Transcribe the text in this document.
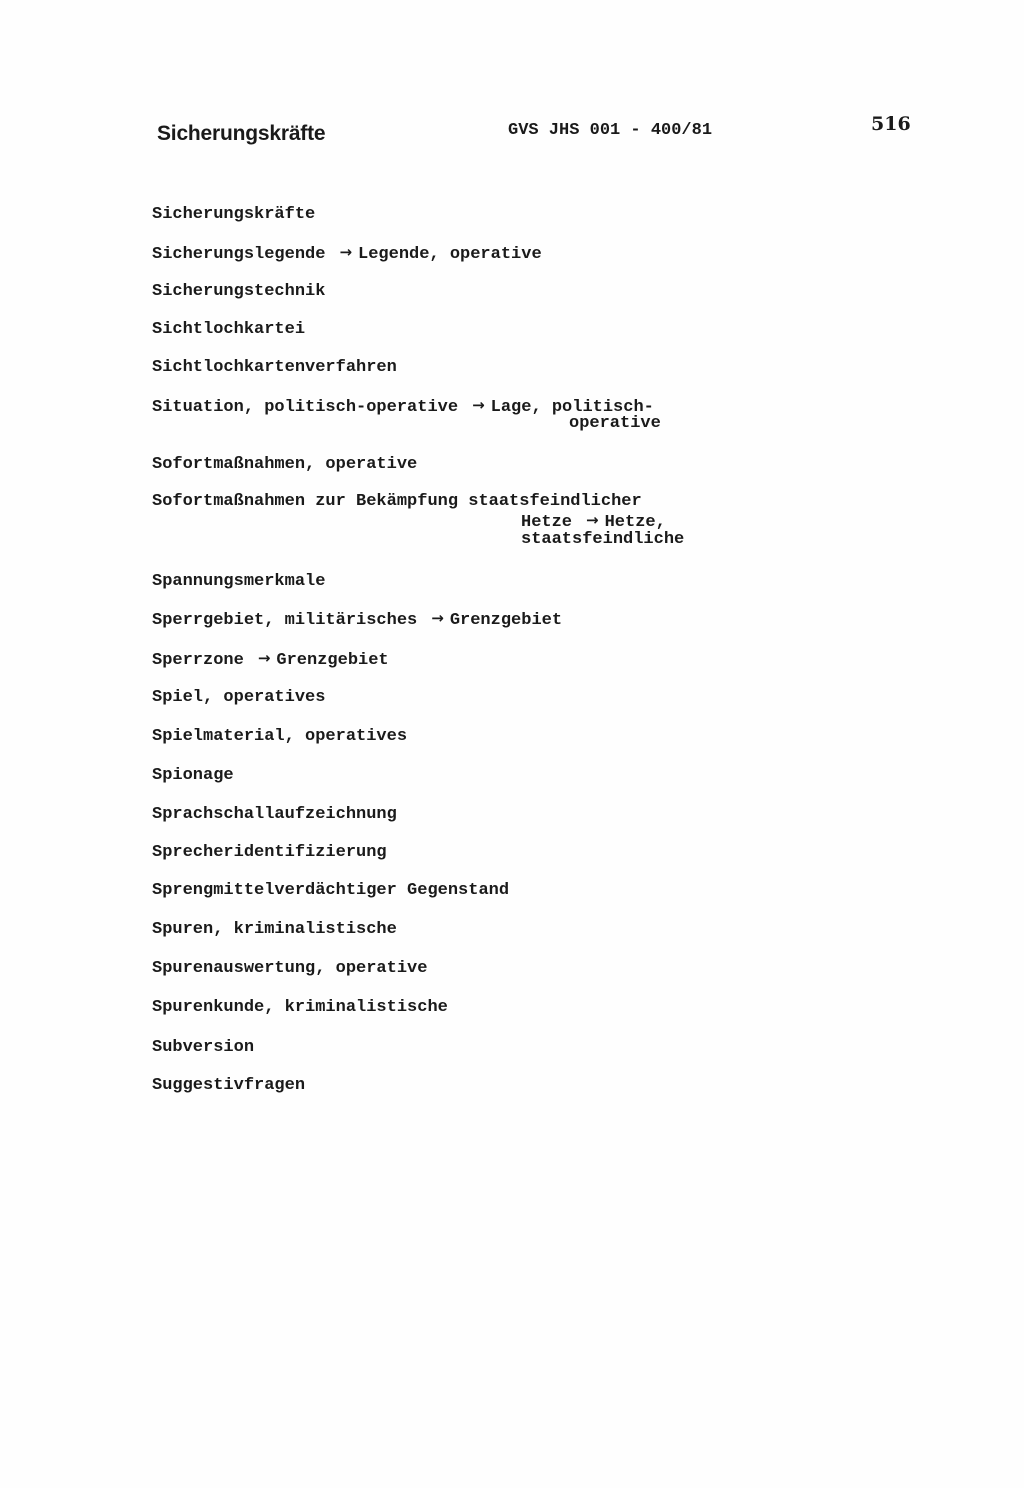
Sicherungskräfte	GVS JHS 001 - 400/81	516
Sicherungskräfte
Sicherungslegende → Legende, operative
Sicherungstechnik
Sichtlochkartei
Sichtlochkartenverfahren
Situation, politisch-operative → Lage, politisch-
operative
Sofortmaßnahmen, operative
Sofortmaßnahmen zur Bekämpfung staatsfeindlicher
Hetze → Hetze,
staatsfeindliche
Spannungsmerkmale
Sperrgebiet, militärisches → Grenzgebiet
Sperrzone → Grenzgebiet
Spiel, operatives
Spielmaterial, operatives
Spionage
Sprachschallaufzeichnung
Sprecheridentifizierung
Sprengmittelverdächtiger Gegenstand
Spuren, kriminalistische
Spurenauswertung, operative
Spurenkunde, kriminalistische
Subversion
Suggestivfragen
